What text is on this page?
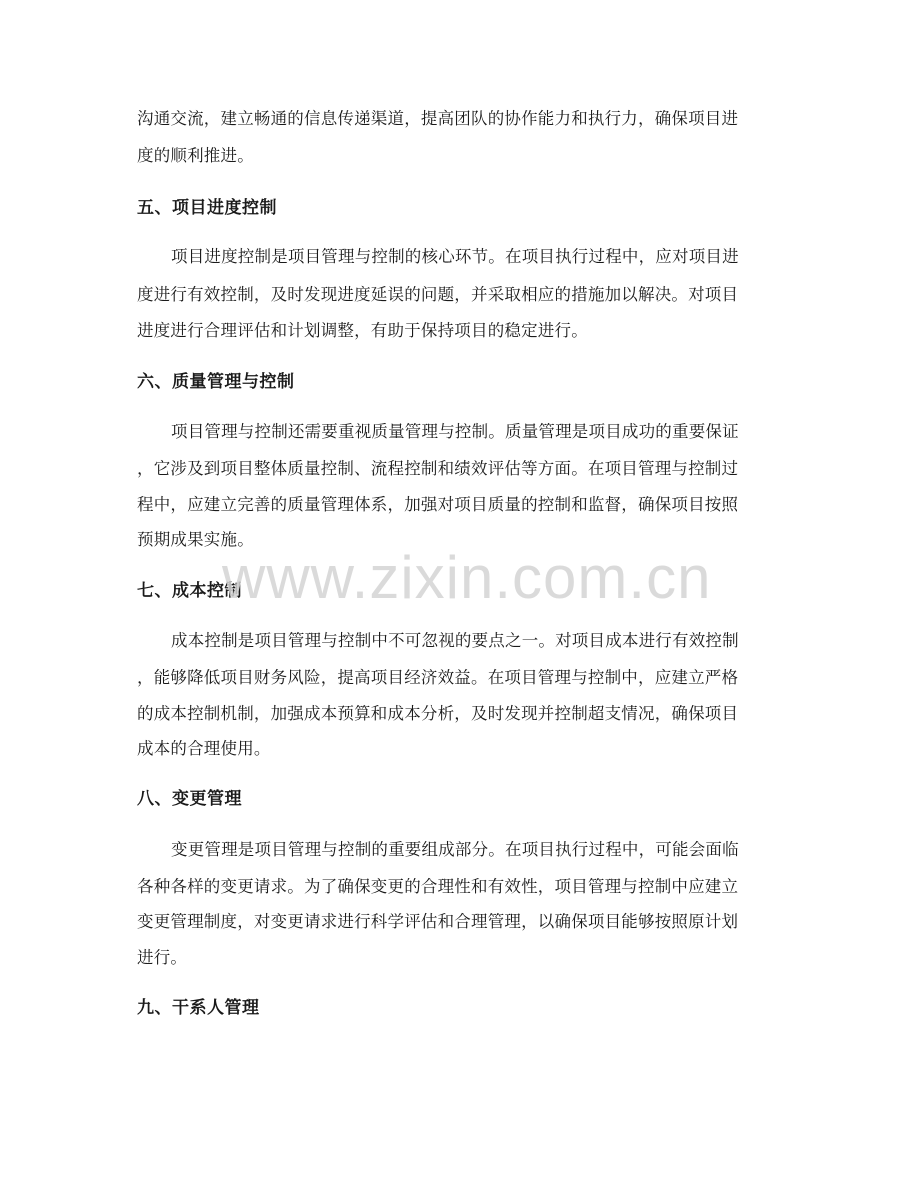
沟通交流，建立畅通的信息传递渠道，提高团队的协作能力和执行力，确保项目进
度的顺利推进。
五、项目进度控制
项目进度控制是项目管理与控制的核心环节。在项目执行过程中，应对项目进
度进行有效控制，及时发现进度延误的问题，并采取相应的措施加以解决。对项目
进度进行合理评估和计划调整，有助于保持项目的稳定进行。
六、质量管理与控制
项目管理与控制还需要重视质量管理与控制。质量管理是项目成功的重要保证
，它涉及到项目整体质量控制、流程控制和绩效评估等方面。在项目管理与控制过
程中，应建立完善的质量管理体系，加强对项目质量的控制和监督，确保项目按照
预期成果实施。
七、成本控制
成本控制是项目管理与控制中不可忽视的要点之一。对项目成本进行有效控制
，能够降低项目财务风险，提高项目经济效益。在项目管理与控制中，应建立严格
的成本控制机制，加强成本预算和成本分析，及时发现并控制超支情况，确保项目
成本的合理使用。
八、变更管理
变更管理是项目管理与控制的重要组成部分。在项目执行过程中，可能会面临
各种各样的变更请求。为了确保变更的合理性和有效性，项目管理与控制中应建立
变更管理制度，对变更请求进行科学评估和合理管理，以确保项目能够按照原计划
进行。
九、干系人管理
www.zixin.com.cn
